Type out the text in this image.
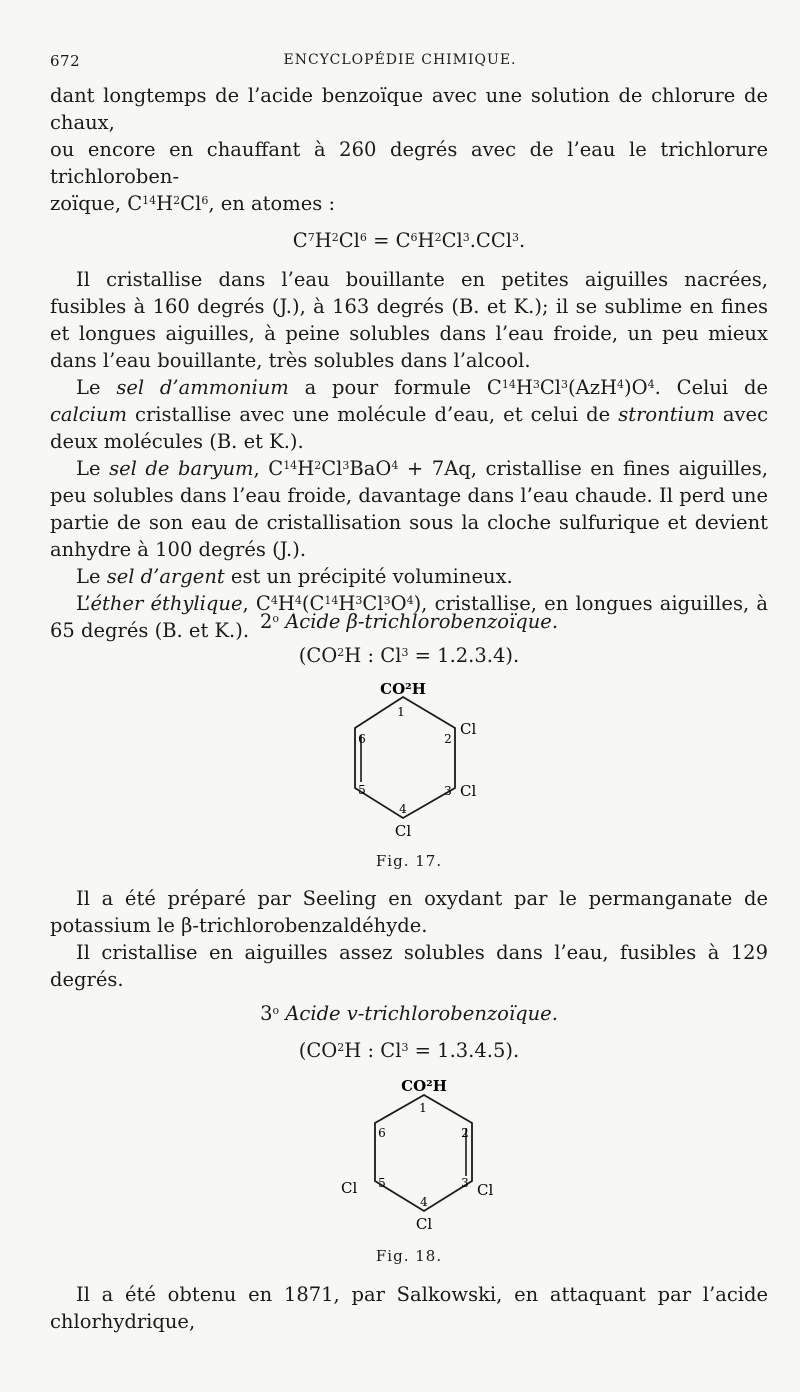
672	ENCYCLOPÉDIE CHIMIQUE.

dant longtemps de l’acide benzoïque avec une solution de chlorure de chaux,

ou encore en chauffant à 260 degrés avec de l’eau le trichlorure trichloroben-

zoïque, $C^{14}H^2Cl^6$, en atomes :

$C^7H^2Cl^6 = C^6H^2Cl^3.CCl^3$.

Il cristallise dans l’eau bouillante en petites aiguilles nacrées, fusibles à 160 degrés (J.), à 163 degrés (B. et K.); il se sublime en fines et longues aiguilles, à peine solubles dans l’eau froide, un peu mieux dans l’eau bouillante, très solubles dans l’alcool.

Le sel d’ammonium a pour formule $C^{14}H^3Cl^3(AzH^4)O^4$. Celui de calcium cristallise avec une molécule d’eau, et celui de strontium avec deux molécules (B. et K.).

Le sel de baryum, $C^{14}H^2Cl^3BaO^4 + 7Aq$, cristallise en fines aiguilles, peu solubles dans l’eau froide, davantage dans l’eau chaude. Il perd une partie de son eau de cristallisation sous la cloche sulfurique et devient anhydre à 100 degrés (J.).

Le sel d’argent est un précipité volumineux.

L’éther éthylique, $C^4H^4(C^{14}H^3Cl^3O^4)$, cristallise, en longues aiguilles, à 65 degrés (B. et K.). 2$^o$ Acide β-trichlorobenzoïque.
($CO^2H$ : $Cl^3 = 1.2.3.4$).
CO²H
1
2
3
4
5
6
Cl
Cl
Cl
Fig. 17.

Il a été préparé par Seeling en oxydant par le permanganate de potassium le β-trichlorobenzaldéhyde.

Il cristallise en aiguilles assez solubles dans l’eau, fusibles à 129 degrés.

3$^o$ Acide v-trichlorobenzoïque.
($CO^2H$ : $Cl^3 = 1.3.4.5$).
CO²H
1
2
3
4
5
6
Cl	Cl
Cl
Fig. 18.

Il a été obtenu en 1871, par Salkowski, en attaquant par l’acide chlorhydrique,
